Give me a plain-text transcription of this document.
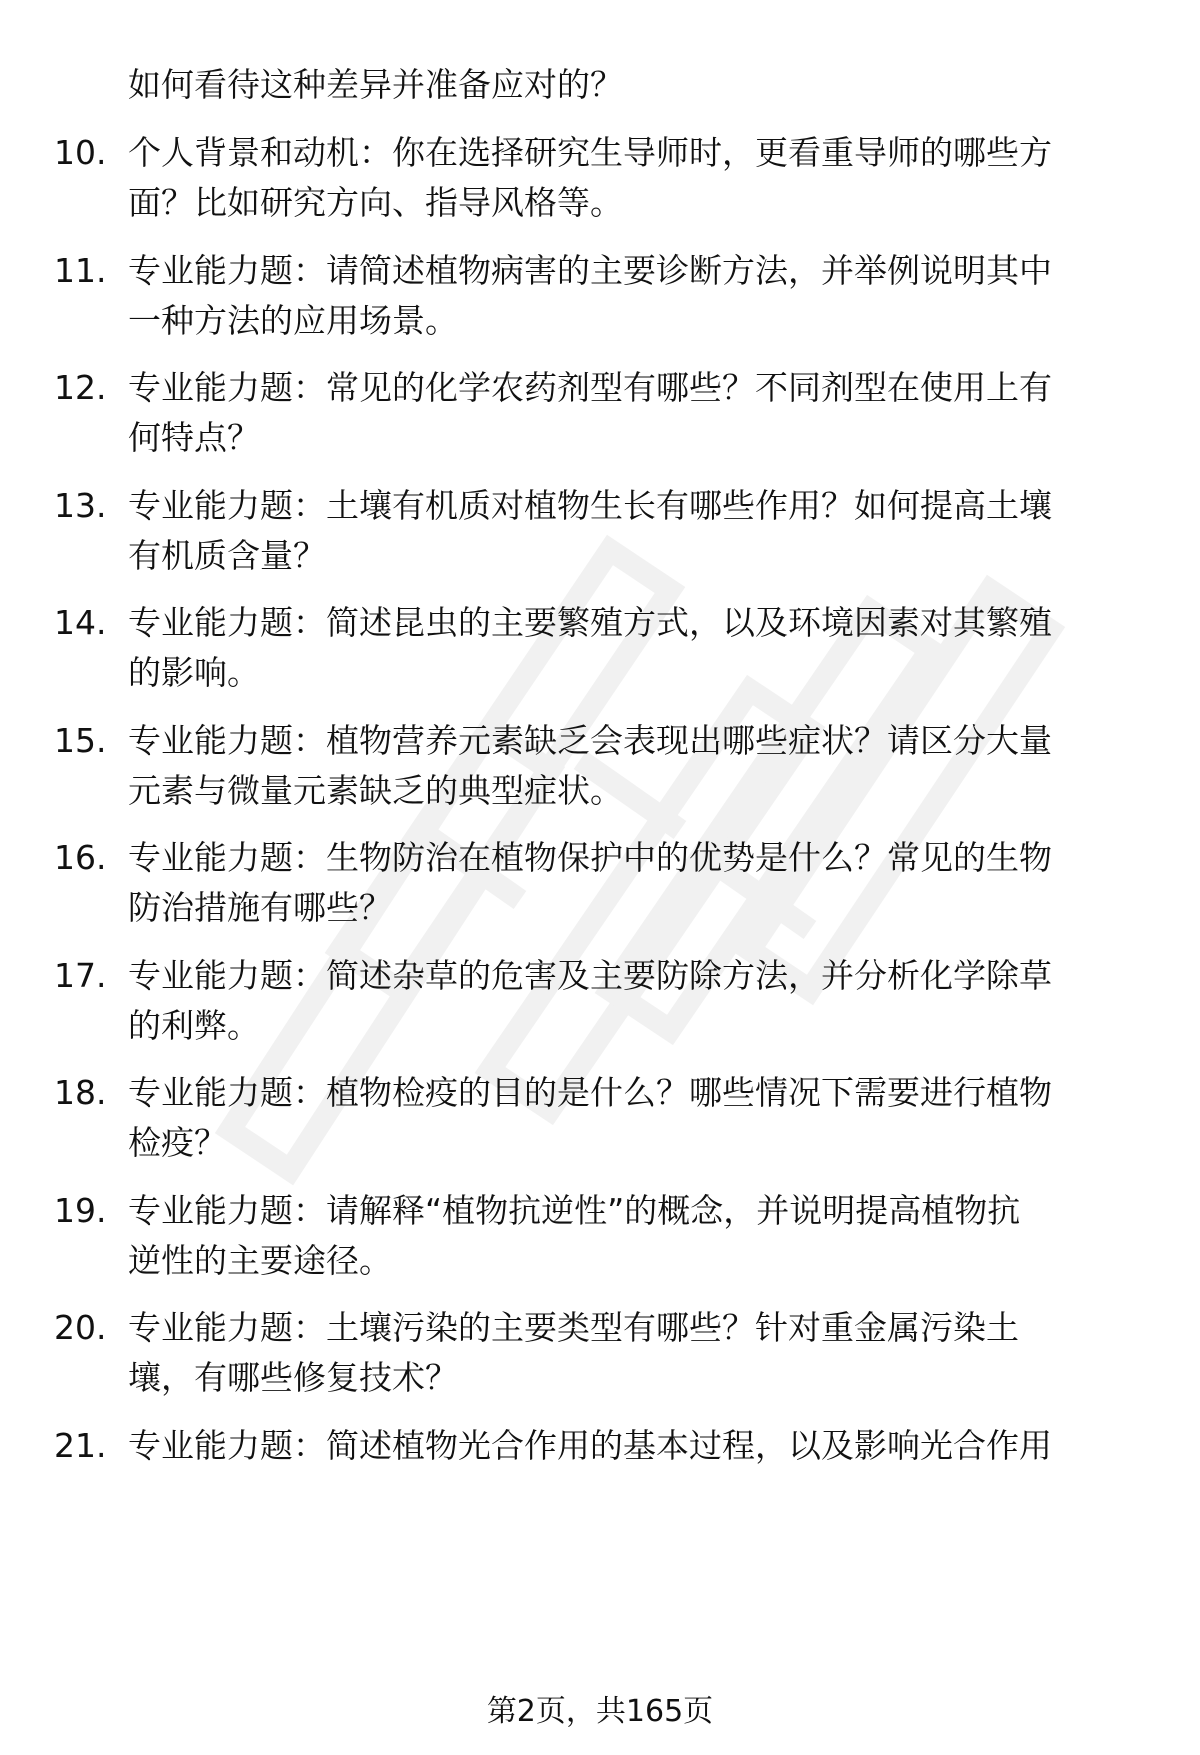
如何看待这种差异并准备应对的？
10. 个人背景和动机：你在选择研究生导师时，更看重导师的哪些方
面？比如研究方向、指导风格等。
11. 专业能力题：请简述植物病害的主要诊断方法，并举例说明其中
一种方法的应用场景。
12. 专业能力题：常见的化学农药剂型有哪些？不同剂型在使用上有
何特点？
13. 专业能力题：土壤有机质对植物生长有哪些作用？如何提高土壤
有机质含量？
14. 专业能力题：简述昆虫的主要繁殖方式，以及环境因素对其繁殖
的影响。
15. 专业能力题：植物营养元素缺乏会表现出哪些症状？请区分大量
元素与微量元素缺乏的典型症状。
16. 专业能力题：生物防治在植物保护中的优势是什么？常见的生物
防治措施有哪些？
17. 专业能力题：简述杂草的危害及主要防除方法，并分析化学除草
的利弊。
18. 专业能力题：植物检疫的目的是什么？哪些情况下需要进行植物
检疫？
19. 专业能力题：请解释“植物抗逆性”的概念，并说明提高植物抗
逆性的主要途径。
20. 专业能力题：土壤污染的主要类型有哪些？针对重金属污染土
壤，有哪些修复技术？
21. 专业能力题：简述植物光合作用的基本过程，以及影响光合作用
第2页，共165页
